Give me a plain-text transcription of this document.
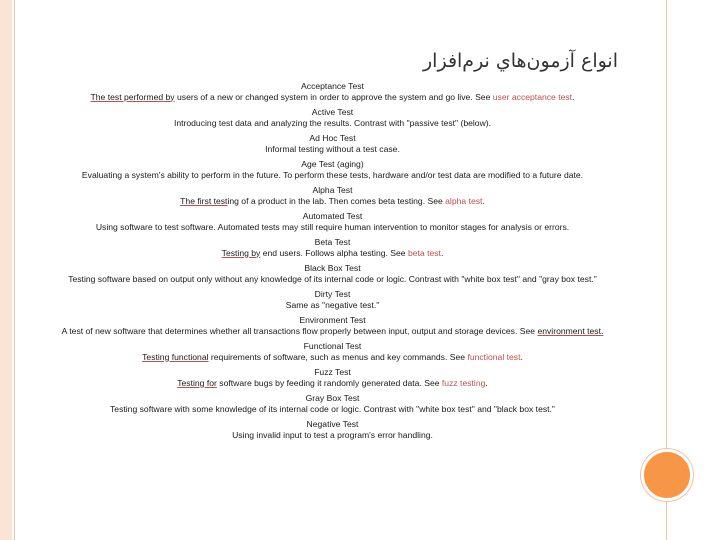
انواع آزمون‌هاي نرم‌افزار
Acceptance Test
The test performed by users of a new or changed system in order to approve the system and go live. See user acceptance test.
Active Test
Introducing test data and analyzing the results. Contrast with "passive test" (below).
Ad Hoc Test
Informal testing without a test case.
Age Test (aging)
Evaluating a system's ability to perform in the future. To perform these tests, hardware and/or test data are modified to a future date.
Alpha Test
The first testing of a product in the lab. Then comes beta testing. See alpha test.
Automated Test
Using software to test software. Automated tests may still require human intervention to monitor stages for analysis or errors.
Beta Test
Testing by end users. Follows alpha testing. See beta test.
Black Box Test
Testing software based on output only without any knowledge of its internal code or logic. Contrast with "white box test" and "gray box test."
Dirty Test
Same as "negative test."
Environment Test
A test of new software that determines whether all transactions flow properly between input, output and storage devices. See environment test.
Functional Test
Testing functional requirements of software, such as menus and key commands. See functional test.
Fuzz Test
Testing for software bugs by feeding it randomly generated data. See fuzz testing.
Gray Box Test
Testing software with some knowledge of its internal code or logic. Contrast with "white box test" and "black box test."
Negative Test
Using invalid input to test a program's error handling.
